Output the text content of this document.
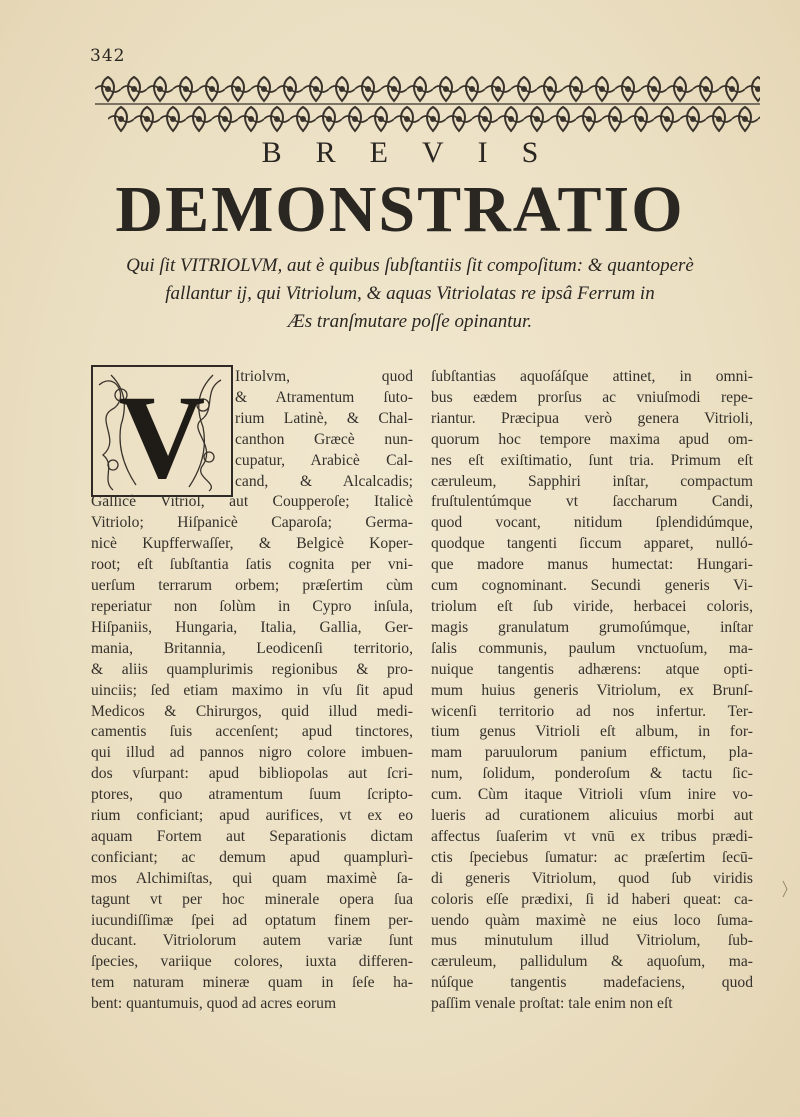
342
BREVIS
DEMONSTRATIO
Qui ſit VITRIOLVM, aut è quibus ſubſtantiis ſit compoſitum: & quantoperè
fallantur ij, qui Vitriolum, & aquas Vitriolatas re ipsâ Ferrum in
Æs tranſmutare poſſe opinantur.
V	Itriolvm, quod
& Atramentum ſuto-
rium Latinè, & Chal-
canthon Græcè nun-
cupatur, Arabicè Cal-
cand, & Alcalcadis;
Gallicè Vitriol, aut Coupperoſe; Italicè
Vitriolo; Hiſpanicè Caparoſa; Germa-
nicè Kupfferwaſſer, & Belgicè Koper-
root; eſt ſubſtantia ſatis cognita per vni-
uerſum terrarum orbem; præſertim cùm
reperiatur non ſolùm in Cypro inſula,
Hiſpaniis, Hungaria, Italia, Gallia, Ger-
mania, Britannia, Leodicenſi territorio,
& aliis quamplurimis regionibus & pro-
uinciis; ſed etiam maximo in vſu ſit apud
Medicos & Chirurgos, quid illud medi-
camentis ſuis accenſent; apud tinctores,
qui illud ad pannos nigro colore imbuen-
dos vſurpant: apud bibliopolas aut ſcri-
ptores, quo atramentum ſuum ſcripto-
rium conficiant; apud aurifices, vt ex eo
aquam Fortem aut Separationis dictam
conficiant; ac demum apud quamplurì-
mos Alchimiſtas, qui quam maximè ſa-
tagunt vt per hoc minerale opera ſua
iucundiſſimæ ſpei ad optatum finem per-
ducant. Vitriolorum autem variæ ſunt
ſpecies, variique colores, iuxta differen-
tem naturam mineræ quam in ſeſe ha-
bent: quantumuis, quod ad acres eorum
ſubſtantias aquoſáſque attinet, in omni-
bus eædem prorſus ac vniuſmodi repe-
riantur. Præcipua verò genera Vitrioli,
quorum hoc tempore maxima apud om-
nes eſt exiſtimatio, ſunt tria. Primum eſt
cæruleum, Sapphiri inſtar, compactum
fruſtulentúmque vt ſaccharum Candi,
quod vocant, nitidum ſplendidúmque,
quodque tangenti ſiccum apparet, nulló-
que madore manus humectat: Hungari-
cum cognominant. Secundi generis Vi-
triolum eſt ſub viride, herbacei coloris,
magis granulatum grumoſúmque, inſtar
ſalis communis, paulum vnctuoſum, ma-
nuique tangentis adhærens: atque opti-
mum huius generis Vitriolum, ex Brunſ-
wicenſi territorio ad nos infertur. Ter-
tium genus Vitrioli eſt album, in for-
mam paruulorum panium effictum, pla-
num, ſolidum, ponderoſum & tactu ſic-
cum. Cùm itaque Vitrioli vſum inire vo-
lueris ad curationem alicuius morbi aut
affectus ſuaſerim vt vnū ex tribus prædi-
ctis ſpeciebus ſumatur: ac præſertim ſecū-
di generis Vitriolum, quod ſub viridis
coloris eſſe prædixi, ſi id haberi queat: ca-
uendo quàm maximè ne eius loco ſuma-
mus minutulum illud Vitriolum, ſub-
cæruleum, pallidulum & aquoſum, ma-
núſque tangentis madefaciens, quod
paſſim venale proſtat: tale enim non eſt
